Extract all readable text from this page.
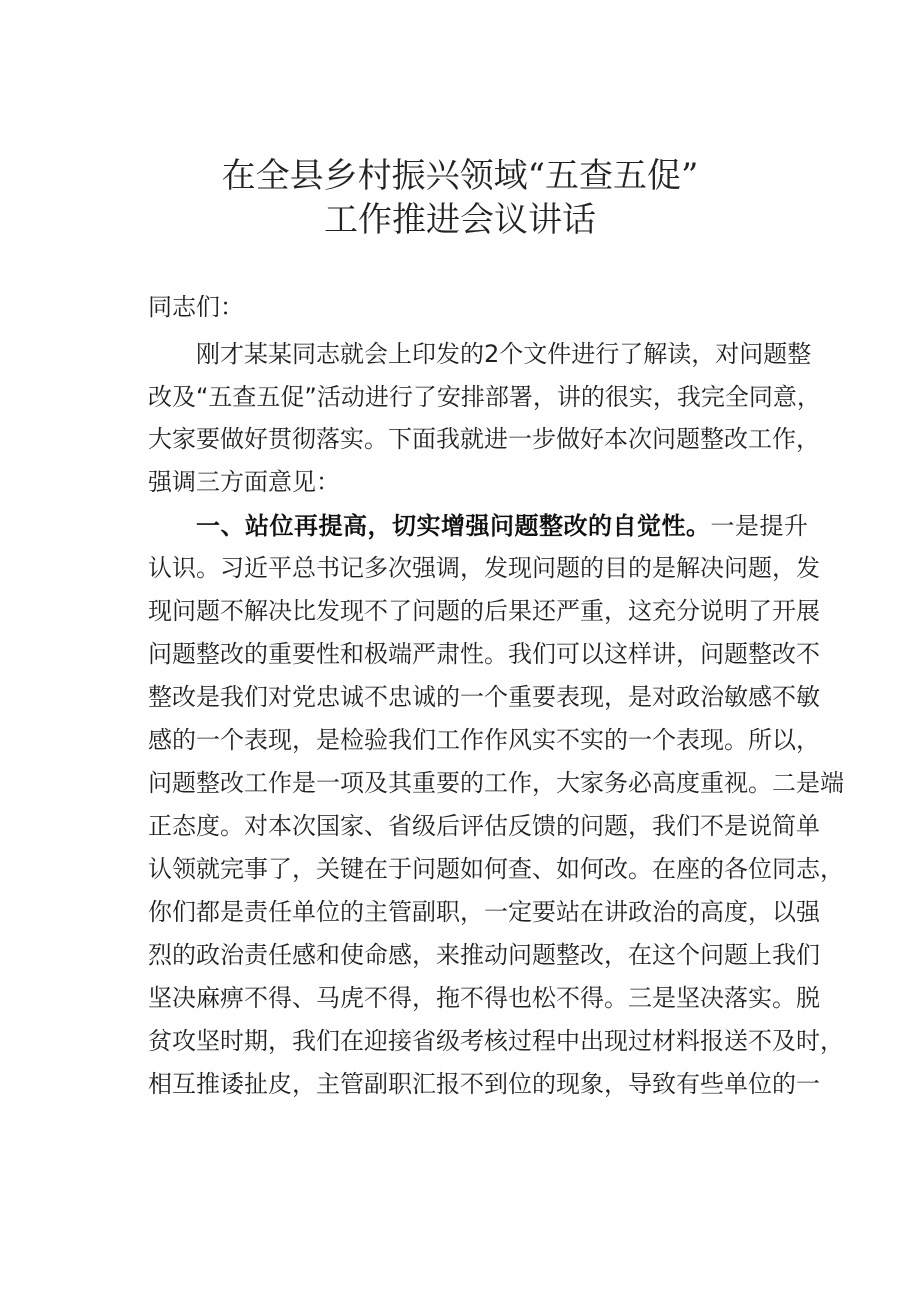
在全县乡村振兴领域“五查五促”
工作推进会议讲话
同志们：
刚才某某同志就会上印发的2个文件进行了解读，对问题整
改及“五查五促”活动进行了安排部署，讲的很实，我完全同意，
大家要做好贯彻落实。下面我就进一步做好本次问题整改工作，
强调三方面意见：
一、站位再提高，切实增强问题整改的自觉性。一是提升
认识。习近平总书记多次强调，发现问题的目的是解决问题，发
现问题不解决比发现不了问题的后果还严重，这充分说明了开展
问题整改的重要性和极端严肃性。我们可以这样讲，问题整改不
整改是我们对党忠诚不忠诚的一个重要表现，是对政治敏感不敏
感的一个表现，是检验我们工作作风实不实的一个表现。所以，
问题整改工作是一项及其重要的工作，大家务必高度重视。二是端
正态度。对本次国家、省级后评估反馈的问题，我们不是说简单
认领就完事了，关键在于问题如何查、如何改。在座的各位同志，
你们都是责任单位的主管副职，一定要站在讲政治的高度，以强
烈的政治责任感和使命感，来推动问题整改，在这个问题上我们
坚决麻痹不得、马虎不得，拖不得也松不得。三是坚决落实。脱
贫攻坚时期，我们在迎接省级考核过程中出现过材料报送不及时，
相互推诿扯皮，主管副职汇报不到位的现象，导致有些单位的一
